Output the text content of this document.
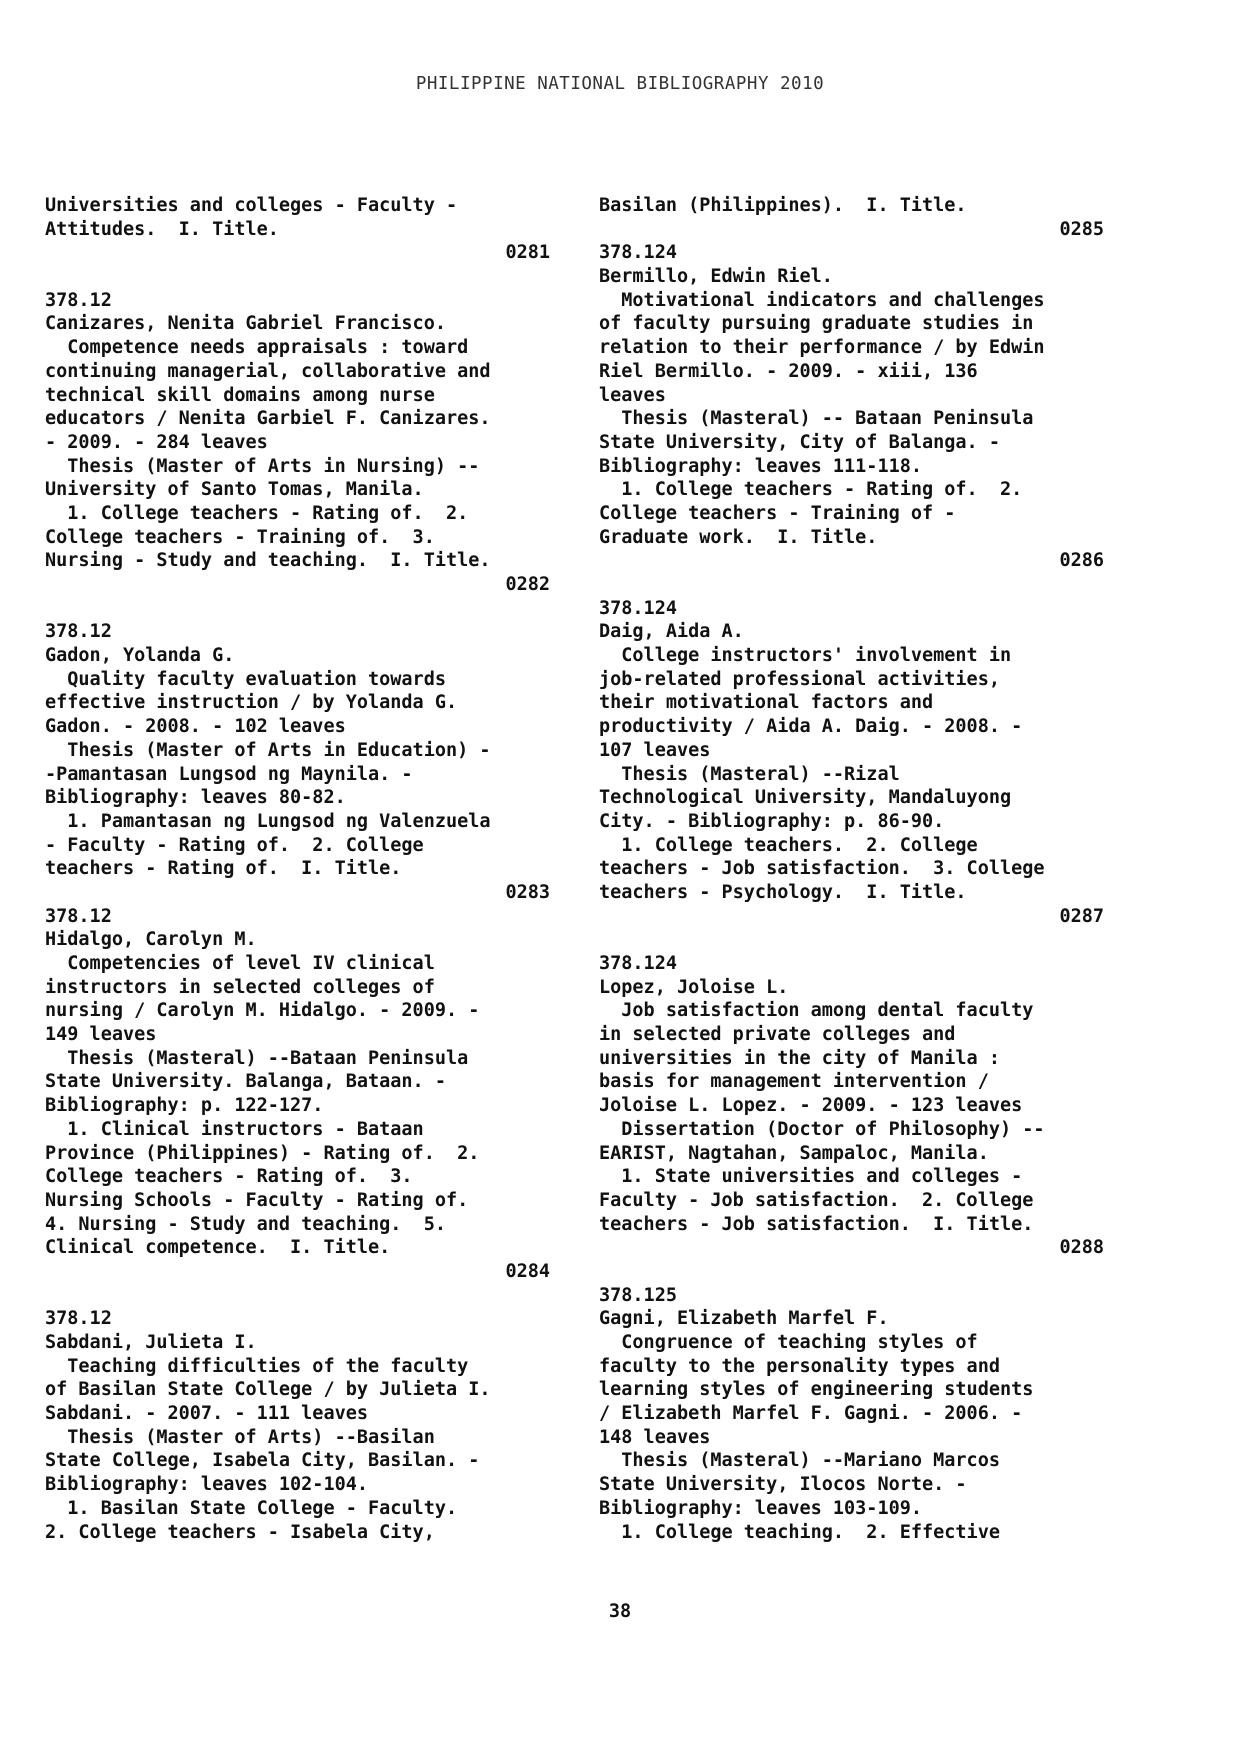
PHILIPPINE NATIONAL BIBLIOGRAPHY 2010
Universities and colleges - Faculty -
Attitudes.  I. Title.
0281
378.12
Canizares, Nenita Gabriel Francisco.
Competence needs appraisals : toward
continuing managerial, collaborative and
technical skill domains among nurse
educators / Nenita Garbiel F. Canizares.
- 2009. - 284 leaves
Thesis (Master of Arts in Nursing) --
University of Santo Tomas, Manila.
1. College teachers - Rating of.  2.
College teachers - Training of.  3.
Nursing - Study and teaching.  I. Title.
0282
378.12
Gadon, Yolanda G.
Quality faculty evaluation towards
effective instruction / by Yolanda G.
Gadon. - 2008. - 102 leaves
Thesis (Master of Arts in Education) -
-Pamantasan Lungsod ng Maynila. -
Bibliography: leaves 80-82.
1. Pamantasan ng Lungsod ng Valenzuela
- Faculty - Rating of.  2. College
teachers - Rating of.  I. Title.
0283
378.12
Hidalgo, Carolyn M.
Competencies of level IV clinical
instructors in selected colleges of
nursing / Carolyn M. Hidalgo. - 2009. -
149 leaves
Thesis (Masteral) --Bataan Peninsula
State University. Balanga, Bataan. -
Bibliography: p. 122-127.
1. Clinical instructors - Bataan
Province (Philippines) - Rating of.  2.
College teachers - Rating of.  3.
Nursing Schools - Faculty - Rating of.
4. Nursing - Study and teaching.  5.
Clinical competence.  I. Title.
0284
378.12
Sabdani, Julieta I.
Teaching difficulties of the faculty
of Basilan State College / by Julieta I.
Sabdani. - 2007. - 111 leaves
Thesis (Master of Arts) --Basilan
State College, Isabela City, Basilan. -
Bibliography: leaves 102-104.
1. Basilan State College - Faculty.
2. College teachers - Isabela City,
Basilan (Philippines).  I. Title.
0285
378.124
Bermillo, Edwin Riel.
Motivational indicators and challenges
of faculty pursuing graduate studies in
relation to their performance / by Edwin
Riel Bermillo. - 2009. - xiii, 136
leaves
Thesis (Masteral) -- Bataan Peninsula
State University, City of Balanga. -
Bibliography: leaves 111-118.
1. College teachers - Rating of.  2.
College teachers - Training of -
Graduate work.  I. Title.
0286
378.124
Daig, Aida A.
College instructors' involvement in
job-related professional activities,
their motivational factors and
productivity / Aida A. Daig. - 2008. -
107 leaves
Thesis (Masteral) --Rizal
Technological University, Mandaluyong
City. - Bibliography: p. 86-90.
1. College teachers.  2. College
teachers - Job satisfaction.  3. College
teachers - Psychology.  I. Title.
0287
378.124
Lopez, Joloise L.
Job satisfaction among dental faculty
in selected private colleges and
universities in the city of Manila :
basis for management intervention /
Joloise L. Lopez. - 2009. - 123 leaves
Dissertation (Doctor of Philosophy) --
EARIST, Nagtahan, Sampaloc, Manila.
1. State universities and colleges -
Faculty - Job satisfaction.  2. College
teachers - Job satisfaction.  I. Title.
0288
378.125
Gagni, Elizabeth Marfel F.
Congruence of teaching styles of
faculty to the personality types and
learning styles of engineering students
/ Elizabeth Marfel F. Gagni. - 2006. -
148 leaves
Thesis (Masteral) --Mariano Marcos
State University, Ilocos Norte. -
Bibliography: leaves 103-109.
1. College teaching.  2. Effective
38
